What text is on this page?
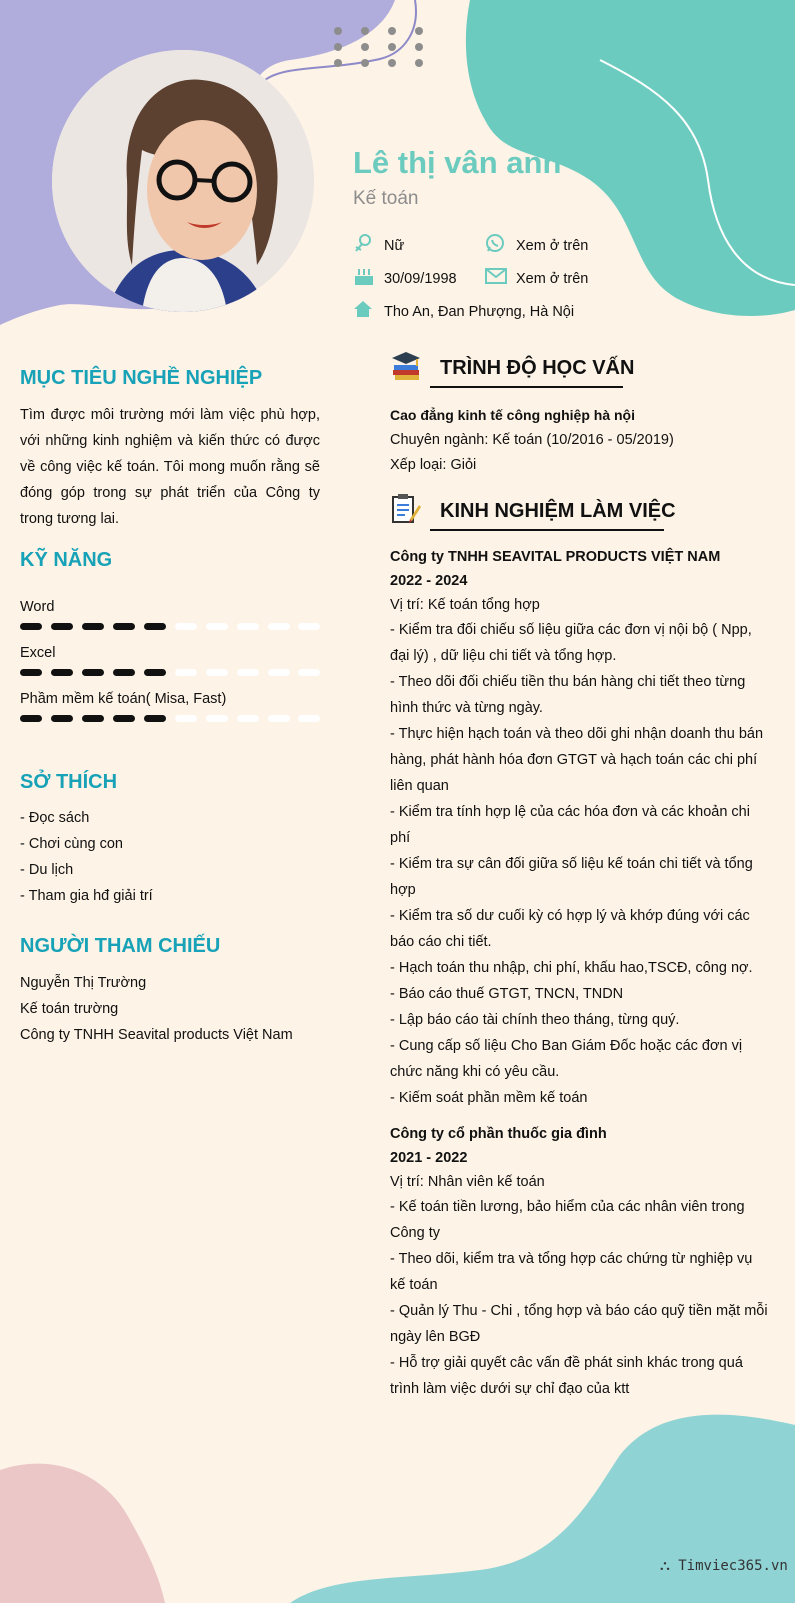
Lê thị vân anh
Kế toán
Nữ	Xem ở trên
30/09/1998	Xem ở trên
Tho An, Đan Phượng, Hà Nội
MỤC TIÊU NGHỀ NGHIỆP
Tìm được môi trường mới làm việc phù hợp, với những kinh nghiệm và kiến thức có được về công việc kế toán. Tôi mong muốn rằng sẽ đóng góp trong sự phát triển của Công ty trong tương lai.
KỸ NĂNG
Word
Excel
Phầm mềm kế toán( Misa, Fast)
SỞ THÍCH
- Đọc sách
- Chơi cùng con
- Du lịch
- Tham gia hđ giải trí
NGƯỜI THAM CHIẾU
Nguyễn Thị Trường
Kế toán trường
Công ty TNHH Seavital products Việt Nam
TRÌNH ĐỘ HỌC VẤN
Cao đẳng kinh tế công nghiệp hà nội
Chuyên ngành: Kế toán (10/2016 - 05/2019)
Xếp loại: Giỏi
KINH NGHIỆM LÀM VIỆC
Công ty TNHH SEAVITAL PRODUCTS VIỆT NAM
2022 - 2024
Vị trí: Kế toán tổng hợp
- Kiểm tra đối chiếu số liệu giữa các đơn vị nội bộ ( Npp, đại lý) , dữ liệu chi tiết và tổng hợp.
- Theo dõi đối chiếu tiền thu bán hàng chi tiết theo từng hình thức và từng ngày.
- Thực hiện hạch toán và theo dõi ghi nhận doanh thu bán hàng, phát hành hóa đơn GTGT và hạch toán các chi phí liên quan
- Kiểm tra tính hợp lệ của các hóa đơn và các khoản chi phí
- Kiểm tra sự cân đối giữa số liệu kế toán chi tiết và tổng hợp
- Kiểm tra số dư cuối kỳ có hợp lý và khớp đúng với các báo cáo chi tiết.
- Hạch toán thu nhập, chi phí, khấu hao,TSCĐ, công nợ.
- Báo cáo thuế GTGT, TNCN, TNDN
- Lập báo cáo tài chính theo tháng, từng quý.
- Cung cấp số liệu Cho Ban Giám Đốc hoặc các đơn vị chức năng khi có yêu cầu.
- Kiếm soát phần mềm kế toán
Công ty cổ phần thuốc gia đình
2021 - 2022
Vị trí: Nhân viên kế toán
- Kế toán tiền lương, bảo hiểm của các nhân viên trong Công ty
- Theo dõi, kiểm tra và tổng hợp các chứng từ nghiệp vụ kế toán
- Quản lý Thu - Chi , tổng hợp và báo cáo quỹ tiền mặt mỗi ngày lên BGĐ
- Hỗ trợ giải quyết câc vấn đề phát sinh khác trong quá trình làm việc dưới sự chỉ đạo của ktt
⛬ Timviec365.vn
